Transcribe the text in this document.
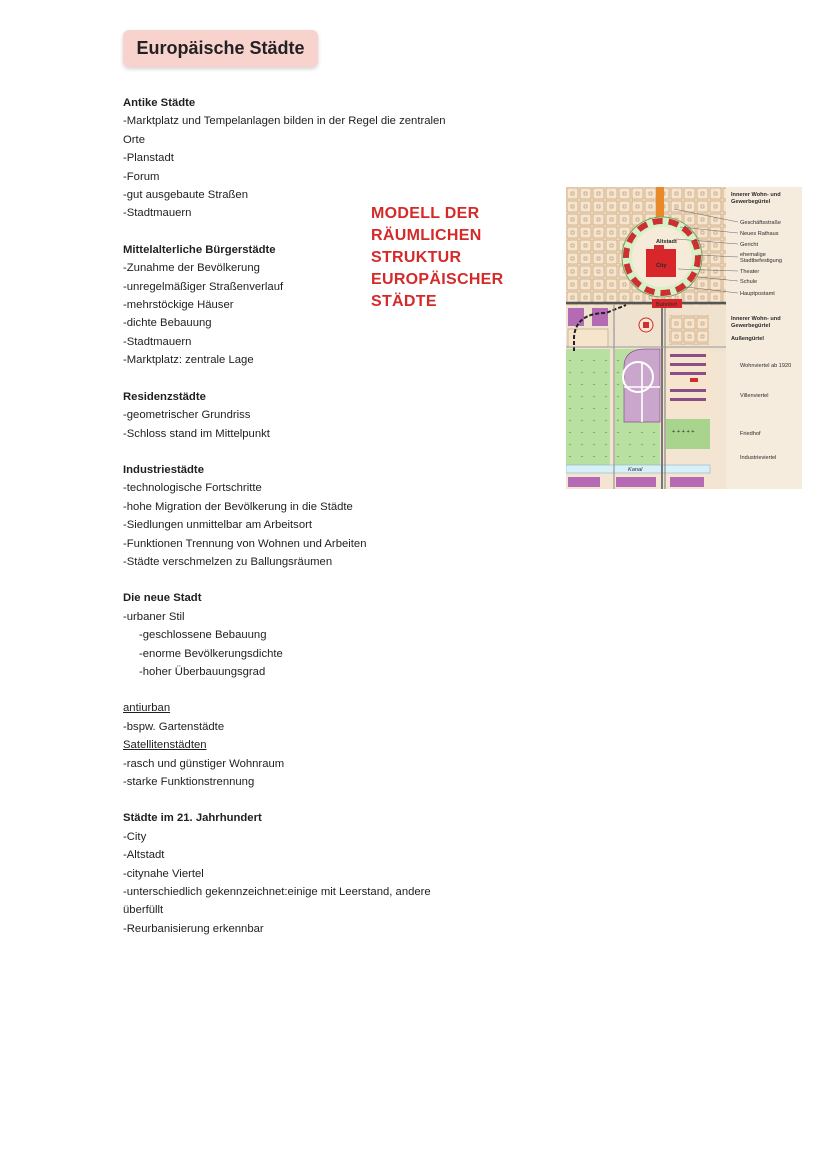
Europäische Städte
Antike Städte
-Marktplatz und Tempelanlagen bilden in der Regel die zentralen Orte
-Planstadt
-Forum
-gut ausgebaute Straßen
-Stadtmauern
Mittelalterliche Bürgerstädte
-Zunahme der Bevölkerung
-unregelmäßiger Straßenverlauf
-mehrstöckige Häuser
-dichte Bebauung
-Stadtmauern
-Marktplatz: zentrale Lage
Residenzstädte
-geometrischer Grundriss
-Schloss stand im Mittelpunkt
Industriestädte
-technologische Fortschritte
-hohe Migration der Bevölkerung in die Städte
-Siedlungen unmittelbar am Arbeitsort
-Funktionen Trennung von Wohnen und Arbeiten
-Städte verschmelzen zu Ballungsräumen
Die neue Stadt
-urbaner Stil
-geschlossene Bebauung
-enorme Bevölkerungsdichte
-hoher Überbauungsgrad
antiurban
-bspw. Gartenstädte
Satellitenstädten
-rasch und günstiger Wohnraum
-starke Funktionstrennung
Städte im 21. Jahrhundert
-City
-Altstadt
-citynahe Viertel
-unterschiedlich gekennzeichnet:einige mit Leerstand, andere überfüllt
-Reurbanisierung erkennbar
MODELL DER
RÄUMLICHEN
STRUKTUR
EUROPÄISCHER
STÄDTE
+ + + + +
Kanal
Altstadt
City
Bahnhof
Innerer Wohn- und
Gewerbegürtel
Geschäftsstraße
Neues Rathaus
Gericht
ehemalige
Stadtbefestigung
Theater
Schule
Hauptpostamt
Innerer Wohn- und
Gewerbegürtel
Außengürtel
Wohnviertel ab 1920
Villenviertel
Friedhof
Industrieviertel
